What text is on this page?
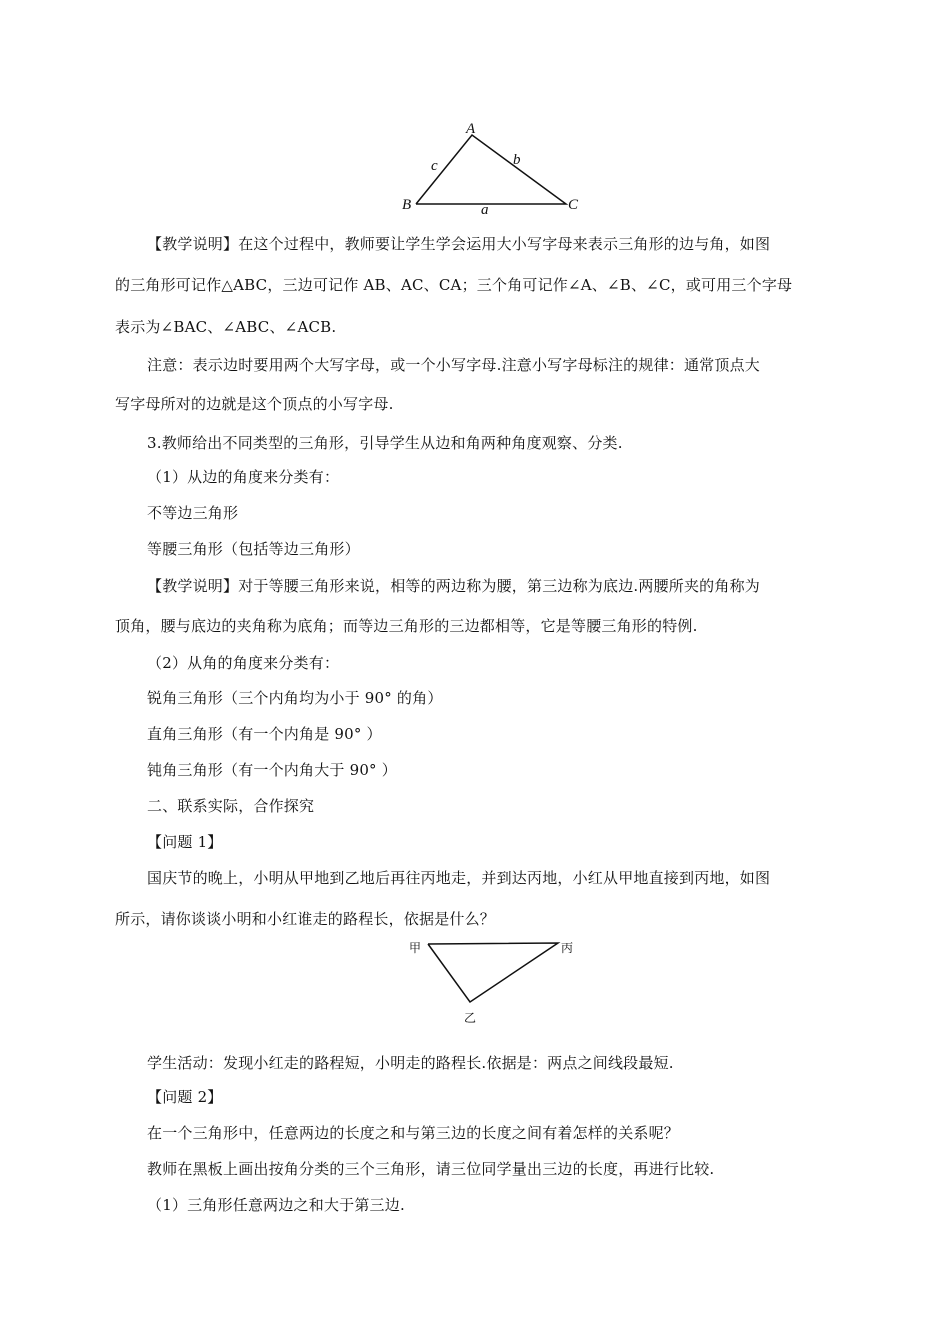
A
B	C
c	b
a
【教学说明】在这个过程中，教师要让学生学会运用大小写字母来表示三角形的边与角，如图
的三角形可记作△ABC，三边可记作 AB、AC、CA；三个角可记作∠A、∠B、∠C，或可用三个字母
表示为∠BAC、∠ABC、∠ACB.
注意：表示边时要用两个大写字母，或一个小写字母.注意小写字母标注的规律：通常顶点大
写字母所对的边就是这个顶点的小写字母.
3.教师给出不同类型的三角形，引导学生从边和角两种角度观察、分类.
（1）从边的角度来分类有：
不等边三角形
等腰三角形（包括等边三角形）
【教学说明】对于等腰三角形来说，相等的两边称为腰，第三边称为底边.两腰所夹的角称为
顶角，腰与底边的夹角称为底角；而等边三角形的三边都相等，它是等腰三角形的特例.
（2）从角的角度来分类有：
锐角三角形（三个内角均为小于 90° 的角）
直角三角形（有一个内角是 90° ）
钝角三角形（有一个内角大于 90° ）
二、联系实际，合作探究
【问题 1】
国庆节的晚上，小明从甲地到乙地后再往丙地走，并到达丙地，小红从甲地直接到丙地，如图
所示，请你谈谈小明和小红谁走的路程长，依据是什么？
甲	丙
乙
学生活动：发现小红走的路程短，小明走的路程长.依据是：两点之间线段最短.
【问题 2】
在一个三角形中，任意两边的长度之和与第三边的长度之间有着怎样的关系呢？
教师在黑板上画出按角分类的三个三角形，请三位同学量出三边的长度，再进行比较.
（1）三角形任意两边之和大于第三边.
